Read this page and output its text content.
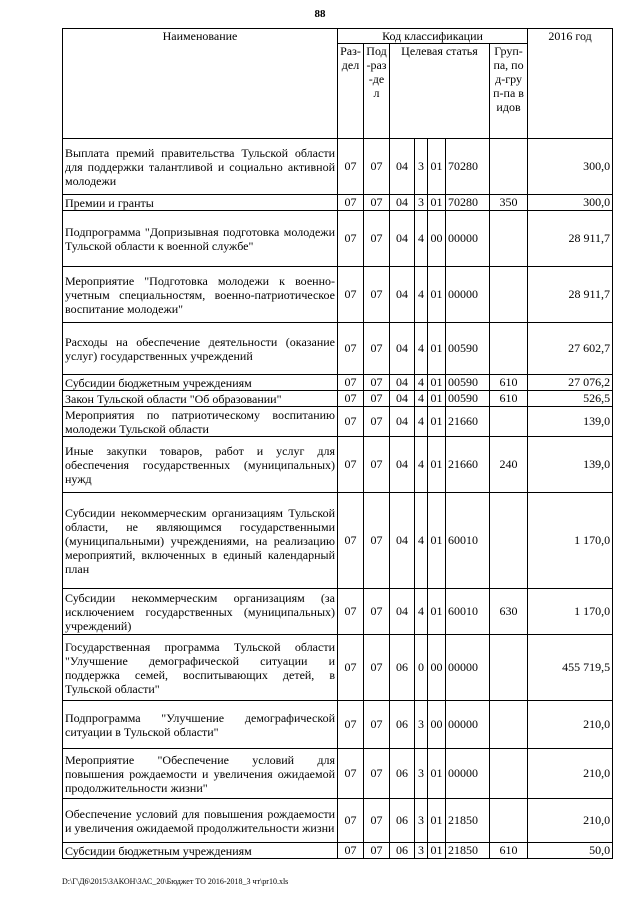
88
Наименование	Код классификации							2016 год
	Раз-дел	Под-раз-дел	Целевая статья				Груп-па, под-груп-па видов	
Выплата премий правительства Тульской области для поддержки талантливой и социально активной молодежи	07	07	04	3	01	70280		300,0
Премии и гранты	07	07	04	3	01	70280	350	300,0
Подпрограмма "Допризывная подготовка молодежи Тульской области к военной службе"	07	07	04	4	00	00000		28 911,7
Мероприятие "Подготовка молодежи к военно-учетным специальностям, военно-патриотическое воспитание молодежи"	07	07	04	4	01	00000		28 911,7
Расходы на обеспечение деятельности (оказание услуг) государственных учреждений	07	07	04	4	01	00590		27 602,7
Субсидии бюджетным учреждениям	07	07	04	4	01	00590	610	27 076,2
Закон Тульской области "Об образовании"	07	07	04	4	01	00590	610	526,5
Мероприятия по патриотическому воспитанию молодежи Тульской области	07	07	04	4	01	21660		139,0
Иные закупки товаров, работ и услуг для обеспечения государственных (муниципальных) нужд	07	07	04	4	01	21660	240	139,0
Субсидии некоммерческим организациям Тульской области, не являющимся государственными (муниципальными) учреждениями, на реализацию мероприятий, включенных в единый календарный план	07	07	04	4	01	60010		1 170,0
Субсидии некоммерческим организациям (за исключением государственных (муниципальных) учреждений)	07	07	04	4	01	60010	630	1 170,0
Государственная программа Тульской области "Улучшение демографической ситуации и поддержка семей, воспитывающих детей, в Тульской области"	07	07	06	0	00	00000		455 719,5
Подпрограмма "Улучшение демографической ситуации в Тульской области"	07	07	06	3	00	00000		210,0
Мероприятие "Обеспечение условий для повышения рождаемости и увеличения ожидаемой продолжительности жизни"	07	07	06	3	01	00000		210,0
Обеспечение условий для повышения рождаемости и увеличения ожидаемой продолжительности жизни	07	07	06	3	01	21850		210,0
Субсидии бюджетным учреждениям	07	07	06	3	01	21850	610	50,0
D:\Г\Д6\2015\ЗАКОН\ЗАС_20\Бюджет ТО 2016-2018_3 чт\pr10.xls
